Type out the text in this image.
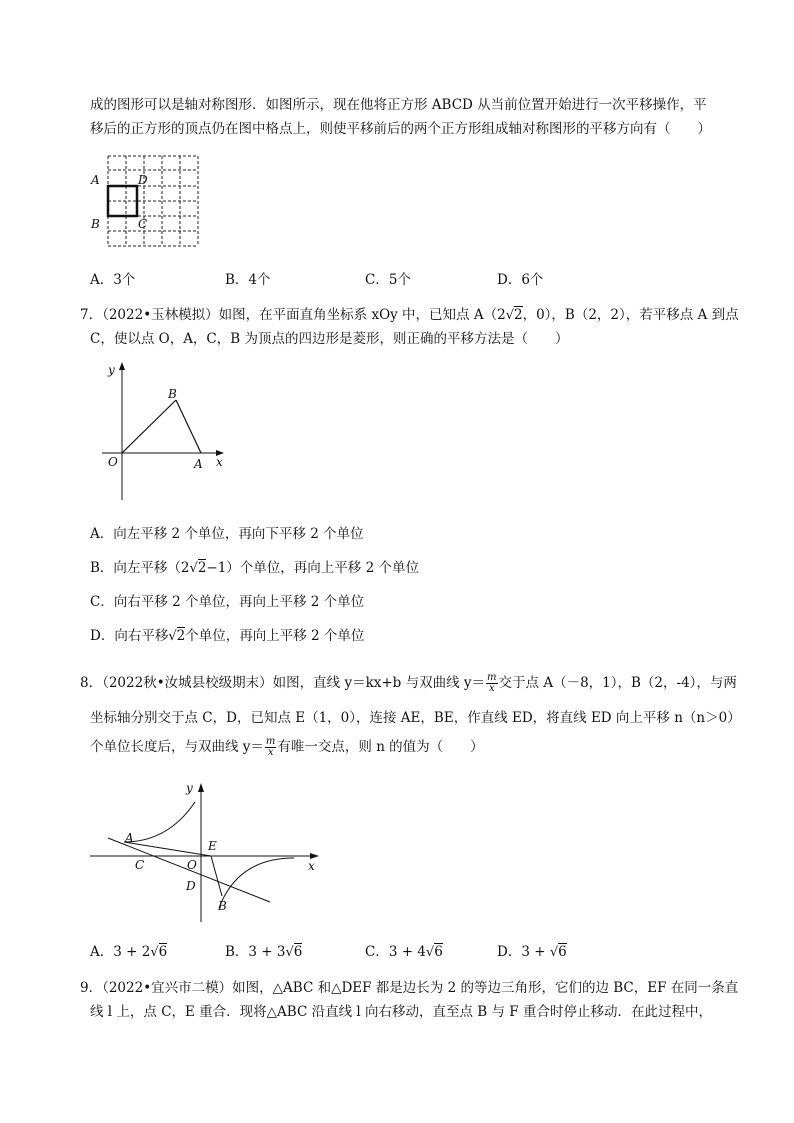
成的图形可以是轴对称图形．如图所示，现在他将正方形 ABCD 从当前位置开始进行一次平移操作，平
移后的正方形的顶点仍在图中格点上，则使平移前后的两个正方形组成轴对称图形的平移方向有（　　）
A
B
D
C
A．3个	B．4个	C．5个	D．6个
7．（2022•玉林模拟）如图，在平面直角坐标系 xOy 中，已知点 A（2√2，0），B（2，2），若平移点 A 到点
C，使以点 O，A，C，B 为顶点的四边形是菱形，则正确的平移方法是（　　）
y
x
O	A
B
A．向左平移 2 个单位，再向下平移 2 个单位
B．向左平移（2√2−1）个单位，再向上平移 2 个单位
C．向右平移 2 个单位，再向上平移 2 个单位
D．向右平移√2个单位，再向上平移 2 个单位
8．（2022秋•汝城县校级期末）如图，直线 y＝kx+b 与双曲线 $y= \frac{m}{x}$ 交于点 A（－8，1），B（2，-4），与两
坐标轴分别交于点 C，D，已知点 E（1，0），连接 AE，BE，作直线 ED，将直线 ED 向上平移 n（n＞0）
个单位长度后，与双曲线 $y= \frac{m}{x}$ 有唯一交点，则 n 的值为（　　）
y
x
A
C	O
E
D
B
A．3 + 2√6	B．3 + 3√6	C．3 + 4√6	D．3 + √6
9．（2022•宜兴市二模）如图，△ABC 和△DEF 都是边长为 2 的等边三角形，它们的边 BC，EF 在同一条直
线 l 上，点 C，E 重合．现将△ABC 沿直线 l 向右移动，直至点 B 与 F 重合时停止移动．在此过程中，
